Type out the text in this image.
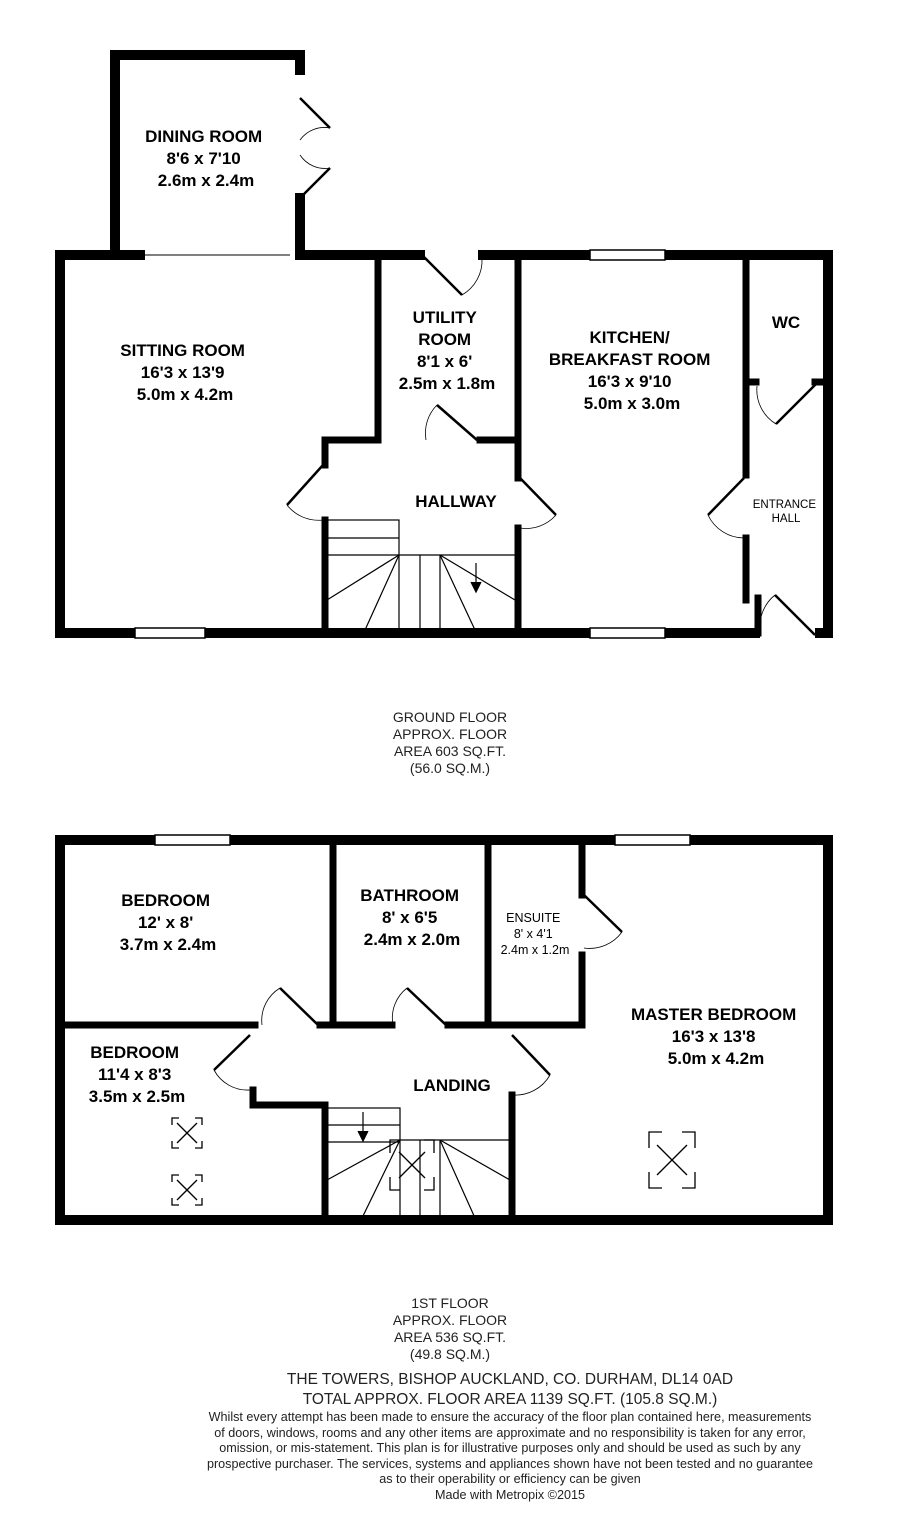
DINING ROOM 8'6 x 7'10 2.6m x 2.4m
SITTING ROOM 16'3 x 13'9 5.0m x 4.2m
UTILITY ROOM 8'1 x 6' 2.5m x 1.8m
KITCHEN/ BREAKFAST ROOM 16'3 x 9'10 5.0m x 3.0m
WC
HALLWAY	ENTRANCE HALL
BEDROOM 12' x 8' 3.7m x 2.4m
BATHROOM 8' x 6'5 2.4m x 2.0m
ENSUITE 8' x 4'1 2.4m x 1.2m
MASTER BEDROOM 16'3 x 13'8 5.0m x 4.2m
BEDROOM 11'4 x 8'3 3.5m x 2.5m
LANDING
GROUND FLOOR
APPROX. FLOOR
AREA 603 SQ.FT.
(56.0 SQ.M.)
1ST FLOOR
APPROX. FLOOR
AREA 536 SQ.FT.
(49.8 SQ.M.)
THE TOWERS, BISHOP AUCKLAND, CO. DURHAM, DL14 0AD
TOTAL APPROX. FLOOR AREA 1139 SQ.FT. (105.8 SQ.M.)
Whilst every attempt has been made to ensure the accuracy of the floor plan contained here, measurements
of doors, windows, rooms and any other items are approximate and no responsibility is taken for any error,
omission, or mis-statement. This plan is for illustrative purposes only and should be used as such by any
prospective purchaser. The services, systems and appliances shown have not been tested and no guarantee
as to their operability or efficiency can be given
Made with Metropix ©2015
